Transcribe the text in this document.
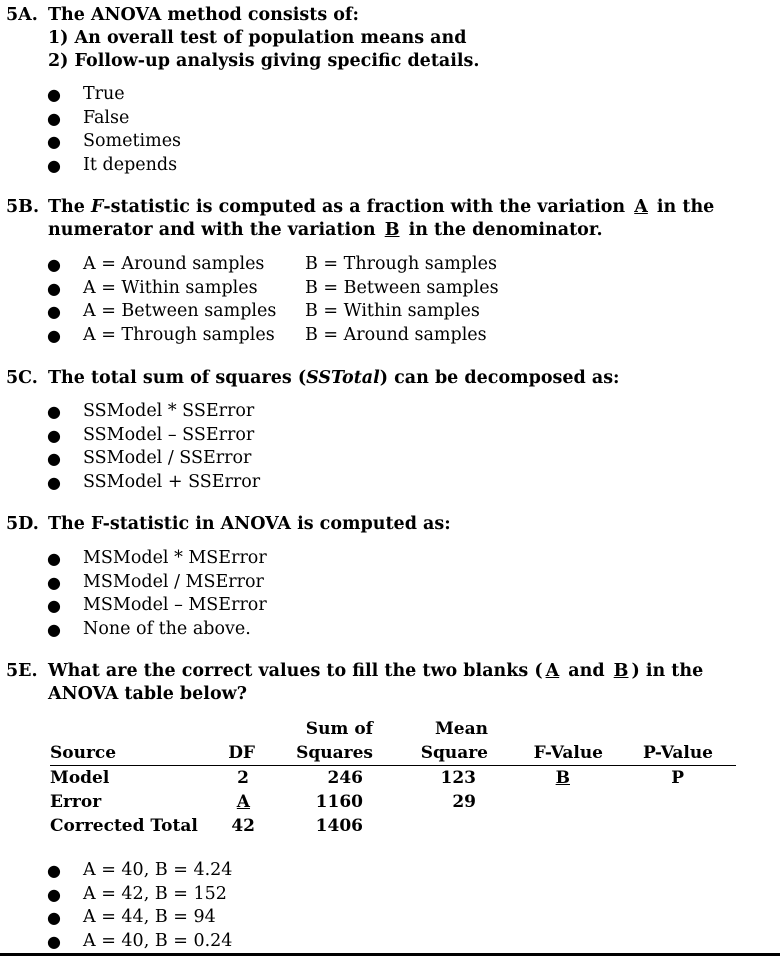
5A. The ANOVA method consists of:
1) An overall test of population means and
2) Follow-up analysis giving specific details.
● True
● False
● Sometimes
● It depends
5B. The F-statistic is computed as a fraction with the variation A in the
numerator and with the variation B in the denominator.
● A = Around samples B = Through samples
● A = Within samples	B = Between samples
● A = Between samples B = Within samples
● A = Through samples B = Around samples
5C. The total sum of squares (SSTotal) can be decomposed as:
● SSModel * SSError
● SSModel – SSError
● SSModel / SSError
● SSModel + SSError
5D. The F-statistic in ANOVA is computed as:
● MSModel * MSError
● MSModel / MSError
● MSModel – MSError
● None of the above.
5E. What are the correct values to fill the two blanks ( A and B ) in the
ANOVA table below?
		Sum of	Mean		
Source	DF	Squares	Square	F-Value	P-Value
Model	2	246	123	B	P
Error	A	1160	29		
Corrected Total	42	1406			
● A = 40, B = 4.24
● A = 42, B = 152
● A = 44, B = 94
● A = 40, B = 0.24
